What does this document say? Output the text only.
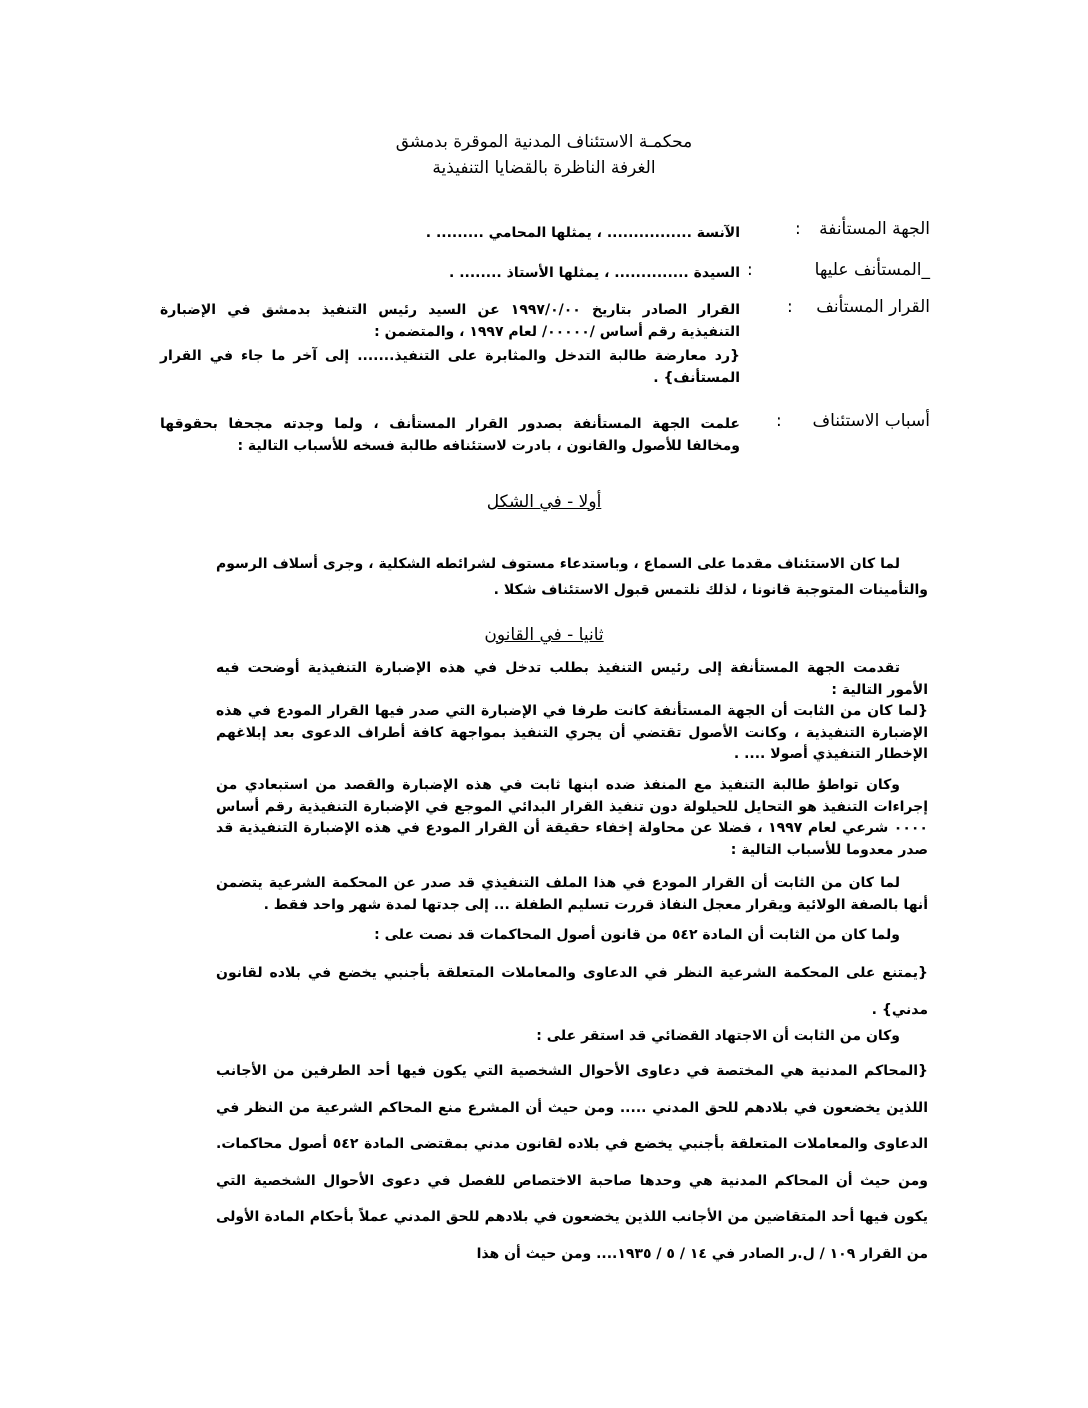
محكمـة الاستئناف المدنية الموقرة بدمشق
الغرفة الناظرة بالقضايا التنفيذية
الجهة المستأنفة
:
الآنسة ................ ، يمثلها المحامي ......... .
_المستأنف عليها
:
السيدة .............. ، يمثلها الأستاذ ........ .
القرار المستأنف
:
القرار الصادر بتاريخ ١٩٩٧/٠/٠٠ عن السيد رئيس التنفيذ بدمشق في الإضبارة التنفيذية رقم أساس /٠٠٠٠٠/ لعام ١٩٩٧ ، والمتضمن :
{رد معارضة طالبة التدخل والمثابرة على التنفيذ....... إلى آخر ما جاء في القرار المستأنف} .
أسباب الاستئناف
:
علمت الجهة المستأنفة بصدور القرار المستأنف ، ولما وجدته مجحفا بحقوقها ومخالفا للأصول والقانون ، بادرت لاستئنافه طالبة فسخه للأسباب التالية :
أولا - في الشكل
لما كان الاستئناف مقدما على السماع ، وباستدعاء مستوف لشرائطه الشكلية ، وجرى أسلاف الرسوم والتأمينات المتوجبة قانونا ، لذلك نلتمس قبول الاستئناف شكلا .
ثانيا - في القانون
تقدمت الجهة المستأنفة إلى رئيس التنفيذ بطلب تدخل في هذه الإضبارة التنفيذية أوضحت فيه الأمور التالية :
{لما كان من الثابت أن الجهة المستأنفة كانت طرفا في الإضبارة التي صدر فيها القرار المودع في هذه الإضبارة التنفيذية ، وكانت الأصول تقتضي أن يجري التنفيذ بمواجهة كافة أطراف الدعوى بعد إبلاغهم الإخطار التنفيذي أصولا .... .
وكان تواطؤ طالبة التنفيذ مع المنفذ ضده ابنها ثابت في هذه الإضبارة والقصد من استبعادي من إجراءات التنفيذ هو التحايل للحيلولة دون تنفيذ القرار البدائي الموجع في الإضبارة التنفيذية رقم أساس ٠٠٠٠ شرعي لعام ١٩٩٧ ، فضلا عن محاولة إخفاء حقيقة أن القرار المودع في هذه الإضبارة التنفيذية قد صدر معدوما للأسباب التالية :
لما كان من الثابت أن القرار المودع في هذا الملف التنفيذي قد صدر عن المحكمة الشرعية يتضمن أنها بالصفة الولائية ويقرار معجل النفاذ قررت تسليم الطفلة ... إلى جدتها لمدة شهر واحد فقط .
ولما كان من الثابت أن المادة ٥٤٢ من قانون أصول المحاكمات قد نصت على :
{يمتنع على المحكمة الشرعية النظر في الدعاوى والمعاملات المتعلقة بأجنبي يخضع في بلاده لقانون مدني} .
وكان من الثابت أن الاجتهاد القضائي قد استقر على :
{المحاكم المدنية هي المختصة في دعاوى الأحوال الشخصية التي يكون فيها أحد الطرفين من الأجانب اللذين يخضعون في بلادهم للحق المدني ..... ومن حيث أن المشرع منع المحاكم الشرعية من النظر في الدعاوى والمعاملات المتعلقة بأجنبي يخضع في بلاده لقانون مدني بمقتضى المادة ٥٤٢ أصول محاكمات. ومن حيث أن المحاكم المدنية هي وحدها صاحبة الاختصاص للفصل في دعوى الأحوال الشخصية التي يكون فيها أحد المتقاضين من الأجانب اللذين يخضعون في بلادهم للحق المدني عملاً بأحكام المادة الأولى من القرار ١٠٩ / ل.ر الصادر في ١٤ / ٥ / ١٩٣٥.... ومن حيث أن هذا
